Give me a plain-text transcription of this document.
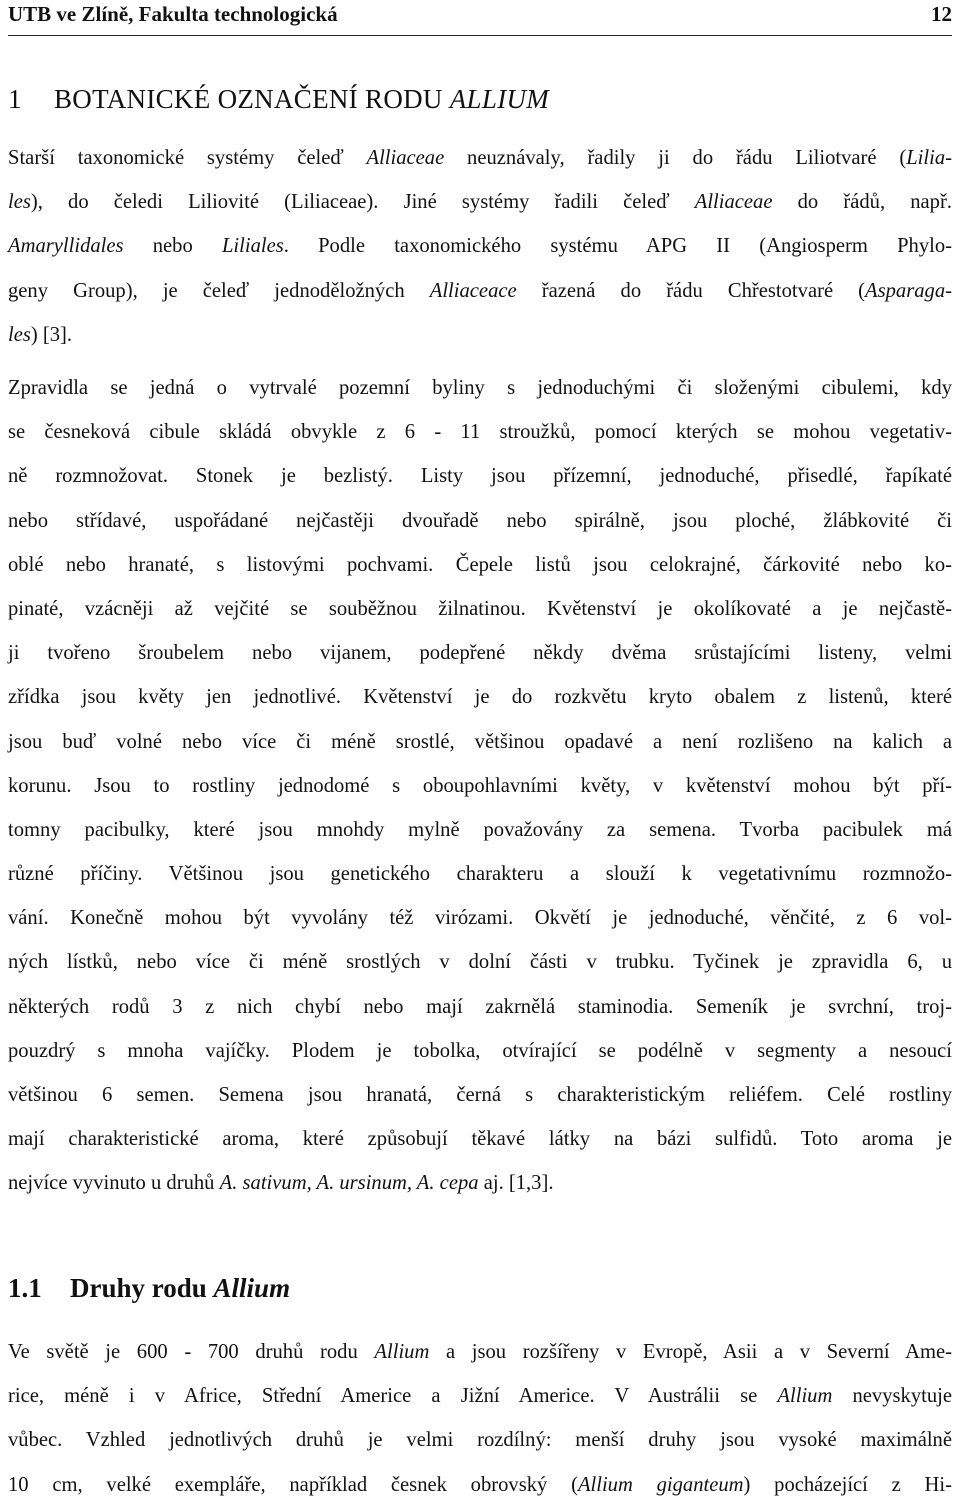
UTB ve Zlíně, Fakultа technologická	12
1 BOTANICKÉ OZNAČENÍ RODU ALLIUM
Starší taxonomické systémy čeleď Alliaceae neuznávaly, řadily ji do řádu Liliotvaré (Lilia-
les), do čeledi Liliovité (Liliaceae). Jiné systémy řadili čeleď Alliaceae do řádů, např.
Amaryllidales nebo Liliales. Podle taxonomického systému APG II (Angiosperm Phylo-
geny Group), je čeleď jednoděložných Alliaceace řazená do řádu Chřestotvaré (Asparaga-
les) [3].
Zpravidla se jedná o vytrvalé pozemní byliny s jednoduchými či složenými cibulemi, kdy
se česneková cibule skládá obvykle z 6 - 11 stroužků, pomocí kterých se mohou vegetativ-
ně rozmnožovat. Stonek je bezlistý. Listy jsou přízemní, jednoduché, přisedlé, řapíkaté
nebo střídavé, uspořádané nejčastěji dvouřadě nebo spirálně, jsou ploché, žlábkovité či
oblé nebo hranaté, s listovými pochvami. Čepele listů jsou celokrajné, čárkovité nebo ko-
pinaté, vzácněji až vejčité se souběžnou žilnatinou. Květenství je okolíkovaté a je nejčastě-
ji tvořeno šroubelem nebo vijanem, podepřené někdy dvěma srůstajícími listeny, velmi
zřídka jsou květy jen jednotlivé. Květenství je do rozkvětu kryto obalem z listenů, které
jsou buď volné nebo více či méně srostlé, většinou opadavé a není rozlišeno na kalich a
korunu. Jsou to rostliny jednodomé s oboupohlavními květy, v květenství mohou být pří-
tomny pacibulky, které jsou mnohdy mylně považovány za semena. Tvorba pacibulek má
různé příčiny. Většinou jsou genetického charakteru a slouží k vegetativnímu rozmnožo-
vání. Konečně mohou být vyvolány též virózami. Okvětí je jednoduché, věnčité, z 6 vol-
ných lístků, nebo více či méně srostlých v dolní části v trubku. Tyčinek je zpravidla 6, u
některých rodů 3 z nich chybí nebo mají zakrnělá staminodia. Semeník je svrchní, troj-
pouzdrý s mnoha vajíčky. Plodem je tobolka, otvírající se podélně v segmenty a nesoucí
většinou 6 semen. Semena jsou hranatá, černá s charakteristickým reliéfem. Celé rostliny
mají charakteristické aroma, které způsobují těkavé látky na bázi sulfidů. Toto aroma je
nejvíce vyvinuto u druhů A. sativum, A. ursinum, A. cepa aj. [1,3].
1.1 Druhy rodu Allium
Ve světě je 600 - 700 druhů rodu Allium a jsou rozšířeny v Evropě, Asii a v Severní Ame-
rice, méně i v Africe, Střední Americe a Jižní Americe. V Austrálii se Allium nevyskytuje
vůbec. Vzhled jednotlivých druhů je velmi rozdílný: menší druhy jsou vysoké maximálně
10 cm, velké exempláře, například česnek obrovský (Allium giganteum) pocházející z Hi-
